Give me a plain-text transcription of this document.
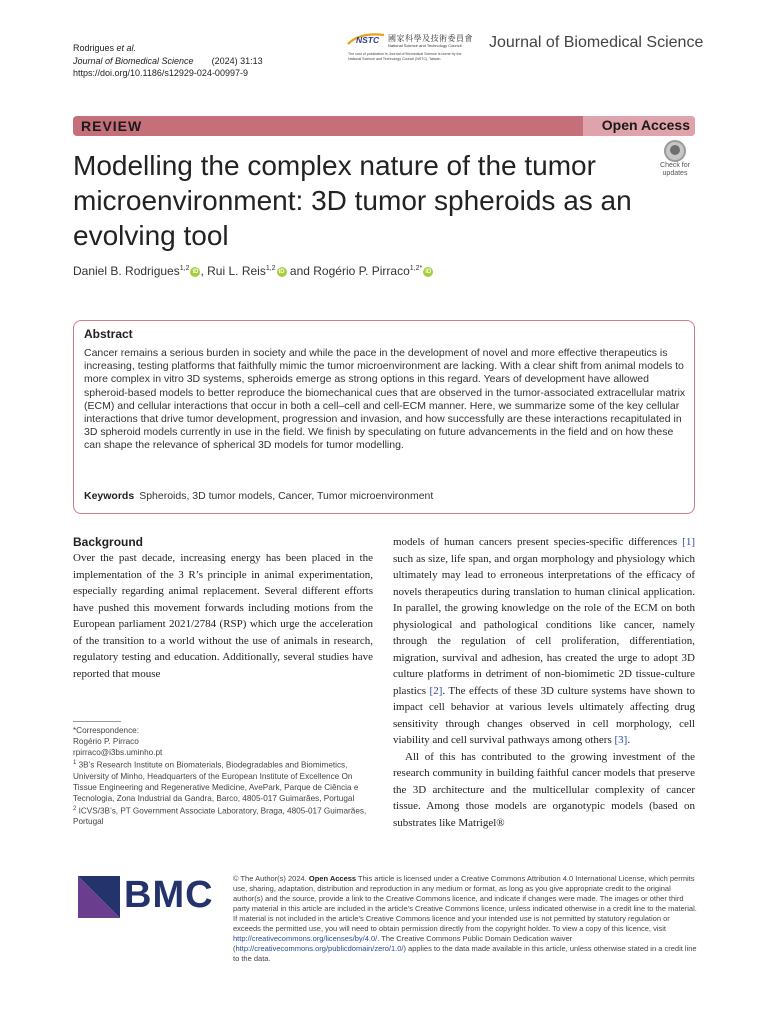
Rodrigues et al.
Journal of Biomedical Science (2024) 31:13
https://doi.org/10.1186/s12929-024-00997-9
NSTC 國家科學及技術委員會
National Science and Technology Council
The cost of publication in Journal of Biomedical Science is borne by the National Science and Technology Council (NSTC), Taiwan.
Journal of Biomedical Science
REVIEW	Open Access
Modelling the complex nature of the tumor microenvironment: 3D tumor spheroids as an evolving tool
Check for
updates
Daniel B. Rodrigues$^{1,2}$ iD , Rui L. Reis$^{1,2}$ iD and Rogério P. Pirraco$^{1,2*}$ iD
Abstract
Cancer remains a serious burden in society and while the pace in the development of novel and more effective therapeutics is increasing, testing platforms that faithfully mimic the tumor microenvironment are lacking. With a clear shift from animal models to more complex in vitro 3D systems, spheroids emerge as strong options in this regard. Years of development have allowed spheroid-based models to better reproduce the biomechanical cues that are observed in the tumor-associated extracellular matrix (ECM) and cellular interactions that occur in both a cell–cell and cell-ECM manner. Here, we summarize some of the key cellular interactions that drive tumor development, progression and invasion, and how successfully are these interactions recapitulated in 3D spheroid models currently in use in the field. We finish by speculating on future advancements in the field and on how these can shape the relevance of spherical 3D models for tumor modelling.
Keywords Spheroids, 3D tumor models, Cancer, Tumor microenvironment
Background

Over the past decade, increasing energy has been placed in the implementation of the 3 R’s principle in animal experimentation, especially regarding animal replacement. Several different efforts have pushed this movement forwards including motions from the European parliament 2021/2784 (RSP) which urge the acceleration of the transition to a world without the use of animals in research, regulatory testing and education. Additionally, several studies have reported that mouse

models of human cancers present species-specific differences [1] such as size, life span, and organ morphology and physiology which ultimately may lead to erroneous interpretations of the efficacy of novels therapeutics during translation to human clinical application. In parallel, the growing knowledge on the role of the ECM on both physiological and pathological conditions like cancer, namely through the regulation of cell proliferation, differentiation, migration, survival and adhesion, has created the urge to adopt 3D culture platforms in detriment of non-biomimetic 2D tissue-culture plastics [2]. The effects of these 3D culture systems have shown to impact cell behavior at various levels ultimately affecting drug sensitivity through changes observed in cell morphology, cell viability and cell survival pathways among others [3].

All of this has contributed to the growing investment of the research community in building faithful cancer models that preserve the 3D architecture and the multicellular complexity of cancer tissue. Among those models are organotypic models (based on substrates like Matrigel®

*Correspondence:
Rogério P. Pirraco
rpirraco@i3bs.uminho.pt
$^1$ 3B’s Research Institute on Biomaterials, Biodegradables and Biomimetics, University of Minho, Headquarters of the European Institute of Excellence On Tissue Engineering and Regenerative Medicine, AvePark, Parque de Ciência e Tecnologia, Zona Industrial da Gandra, Barco, 4805-017 Guimarães, Portugal
$^2$ ICVS/3B’s, PT Government Associate Laboratory, Braga, 4805-017 Guimarães, Portugal
BMC	© The Author(s) 2024. Open Access This article is licensed under a Creative Commons Attribution 4.0 International License, which permits use, sharing, adaptation, distribution and reproduction in any medium or format, as long as you give appropriate credit to the original author(s) and the source, provide a link to the Creative Commons licence, and indicate if changes were made. The images or other third party material in this article are included in the article’s Creative Commons licence, unless indicated otherwise in a credit line to the material. If material is not included in the article’s Creative Commons licence and your intended use is not permitted by statutory regulation or exceeds the permitted use, you will need to obtain permission directly from the copyright holder. To view a copy of this licence, visit http://creativecommons.org/licenses/by/4.0/. The Creative Commons Public Domain Dedication waiver (http://creativecommons.org/publicdomain/zero/1.0/) applies to the data made available in this article, unless otherwise stated in a credit line to the data.
